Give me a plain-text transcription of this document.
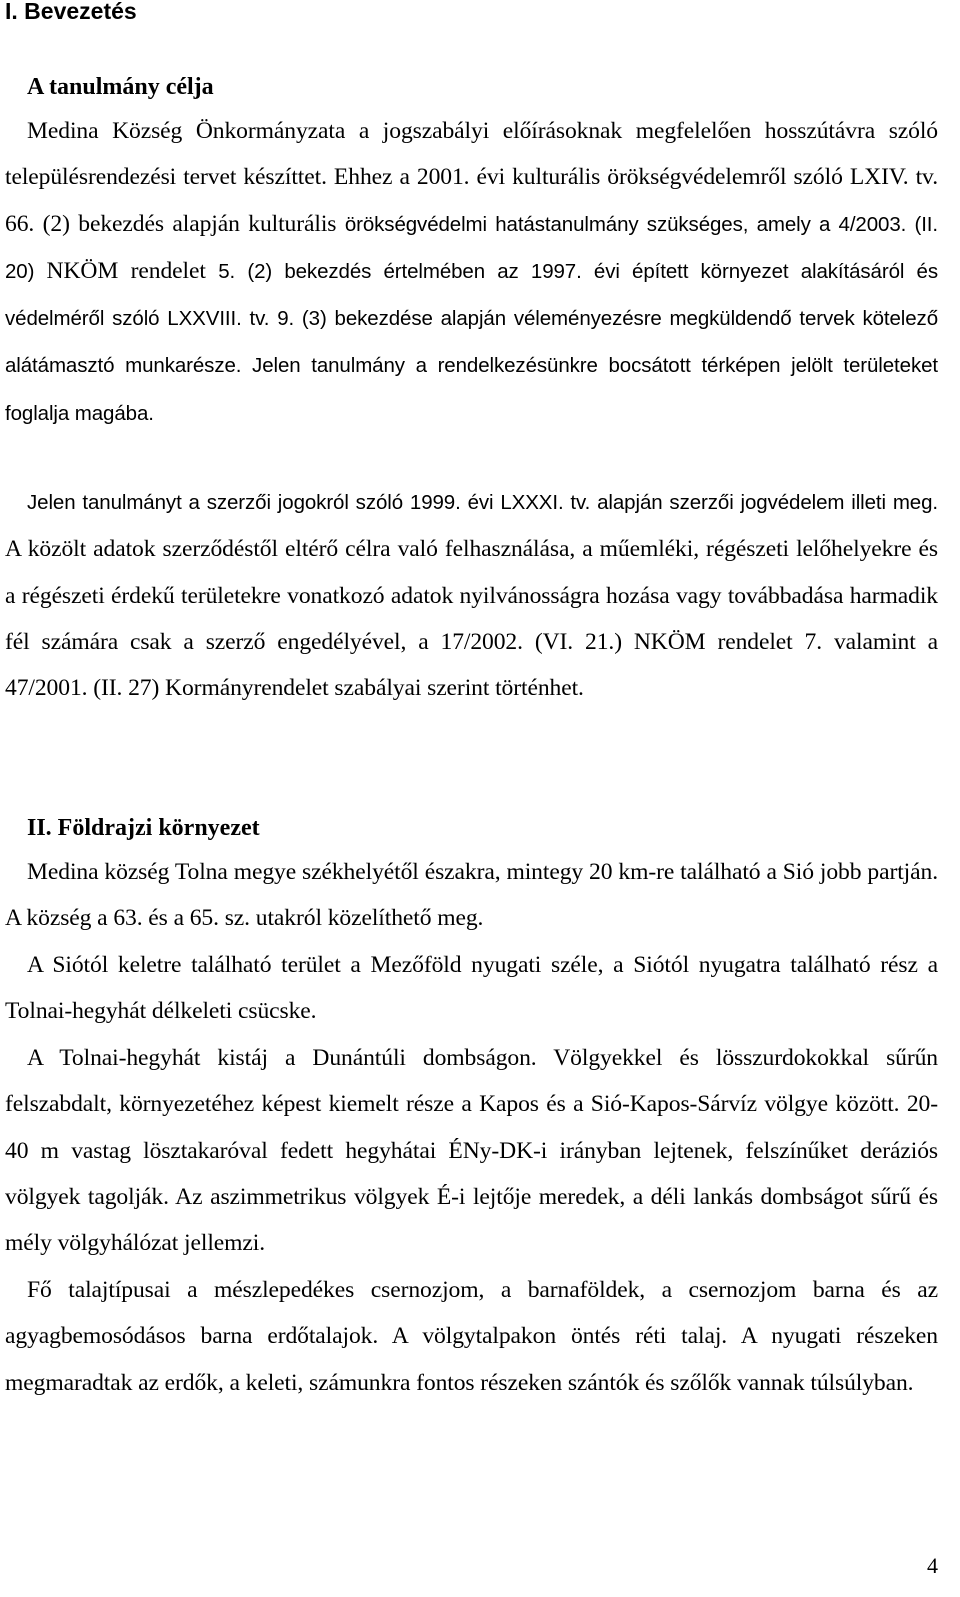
I. Bevezetés
A tanulmány célja

Medina Község Önkormányzata a jogszabályi előírásoknak megfelelően hosszútávra szóló településrendezési tervet készíttet. Ehhez a 2001. évi kulturális örökségvédelemről szóló LXIV. tv. 66. (2) bekezdés alapján kulturális örökségvédelmi hatástanulmány szükséges, amely a 4/2003. (II. 20) NKÖM rendelet 5. (2) bekezdés értelmében az 1997. évi épített környezet alakításáról és védelméről szóló LXXVIII. tv. 9. (3) bekezdése alapján véleményezésre megküldendő tervek kötelező alátámasztó munkarésze. Jelen tanulmány a rendelkezésünkre bocsátott térképen jelölt területeket foglalja magába.

Jelen tanulmányt a szerzői jogokról szóló 1999. évi LXXXI. tv. alapján szerzői jogvédelem illeti meg. A közölt adatok szerződéstől eltérő célra való felhasználása, a műemléki, régészeti lelőhelyekre és a régészeti érdekű területekre vonatkozó adatok nyilvánosságra hozása vagy továbbadása harmadik fél számára csak a szerző engedélyével, a 17/2002. (VI. 21.) NKÖM rendelet 7. valamint a 47/2001. (II. 27) Kormányrendelet szabályai szerint történhet.

II. Földrajzi környezet

Medina község Tolna megye székhelyétől északra, mintegy 20 km-re található a Sió jobb partján. A község a 63. és a 65. sz. utakról közelíthető meg.

A Siótól keletre található terület a Mezőföld nyugati széle, a Siótól nyugatra található rész a Tolnai-hegyhát délkeleti csücske.

A Tolnai-hegyhát kistáj a Dunántúli dombságon. Völgyekkel és lösszurdokokkal sűrűn felszabdalt, környezetéhez képest kiemelt része a Kapos és a Sió-Kapos-Sárvíz völgye között. 20-40 m vastag lösztakaróval fedett hegyhátai ÉNy-DK-i irányban lejtenek, felszínűket deráziós völgyek tagolják. Az aszimmetrikus völgyek É-i lejtője meredek, a déli lankás dombságot sűrű és mély völgyhálózat jellemzi.

Fő talajtípusai a mészlepedékes csernozjom, a barnaföldek, a csernozjom barna és az agyagbemosódásos barna erdőtalajok. A völgytalpakon öntés réti talaj. A nyugati részeken megmaradtak az erdők, a keleti, számunkra fontos részeken szántók és szőlők vannak túlsúlyban.

4
